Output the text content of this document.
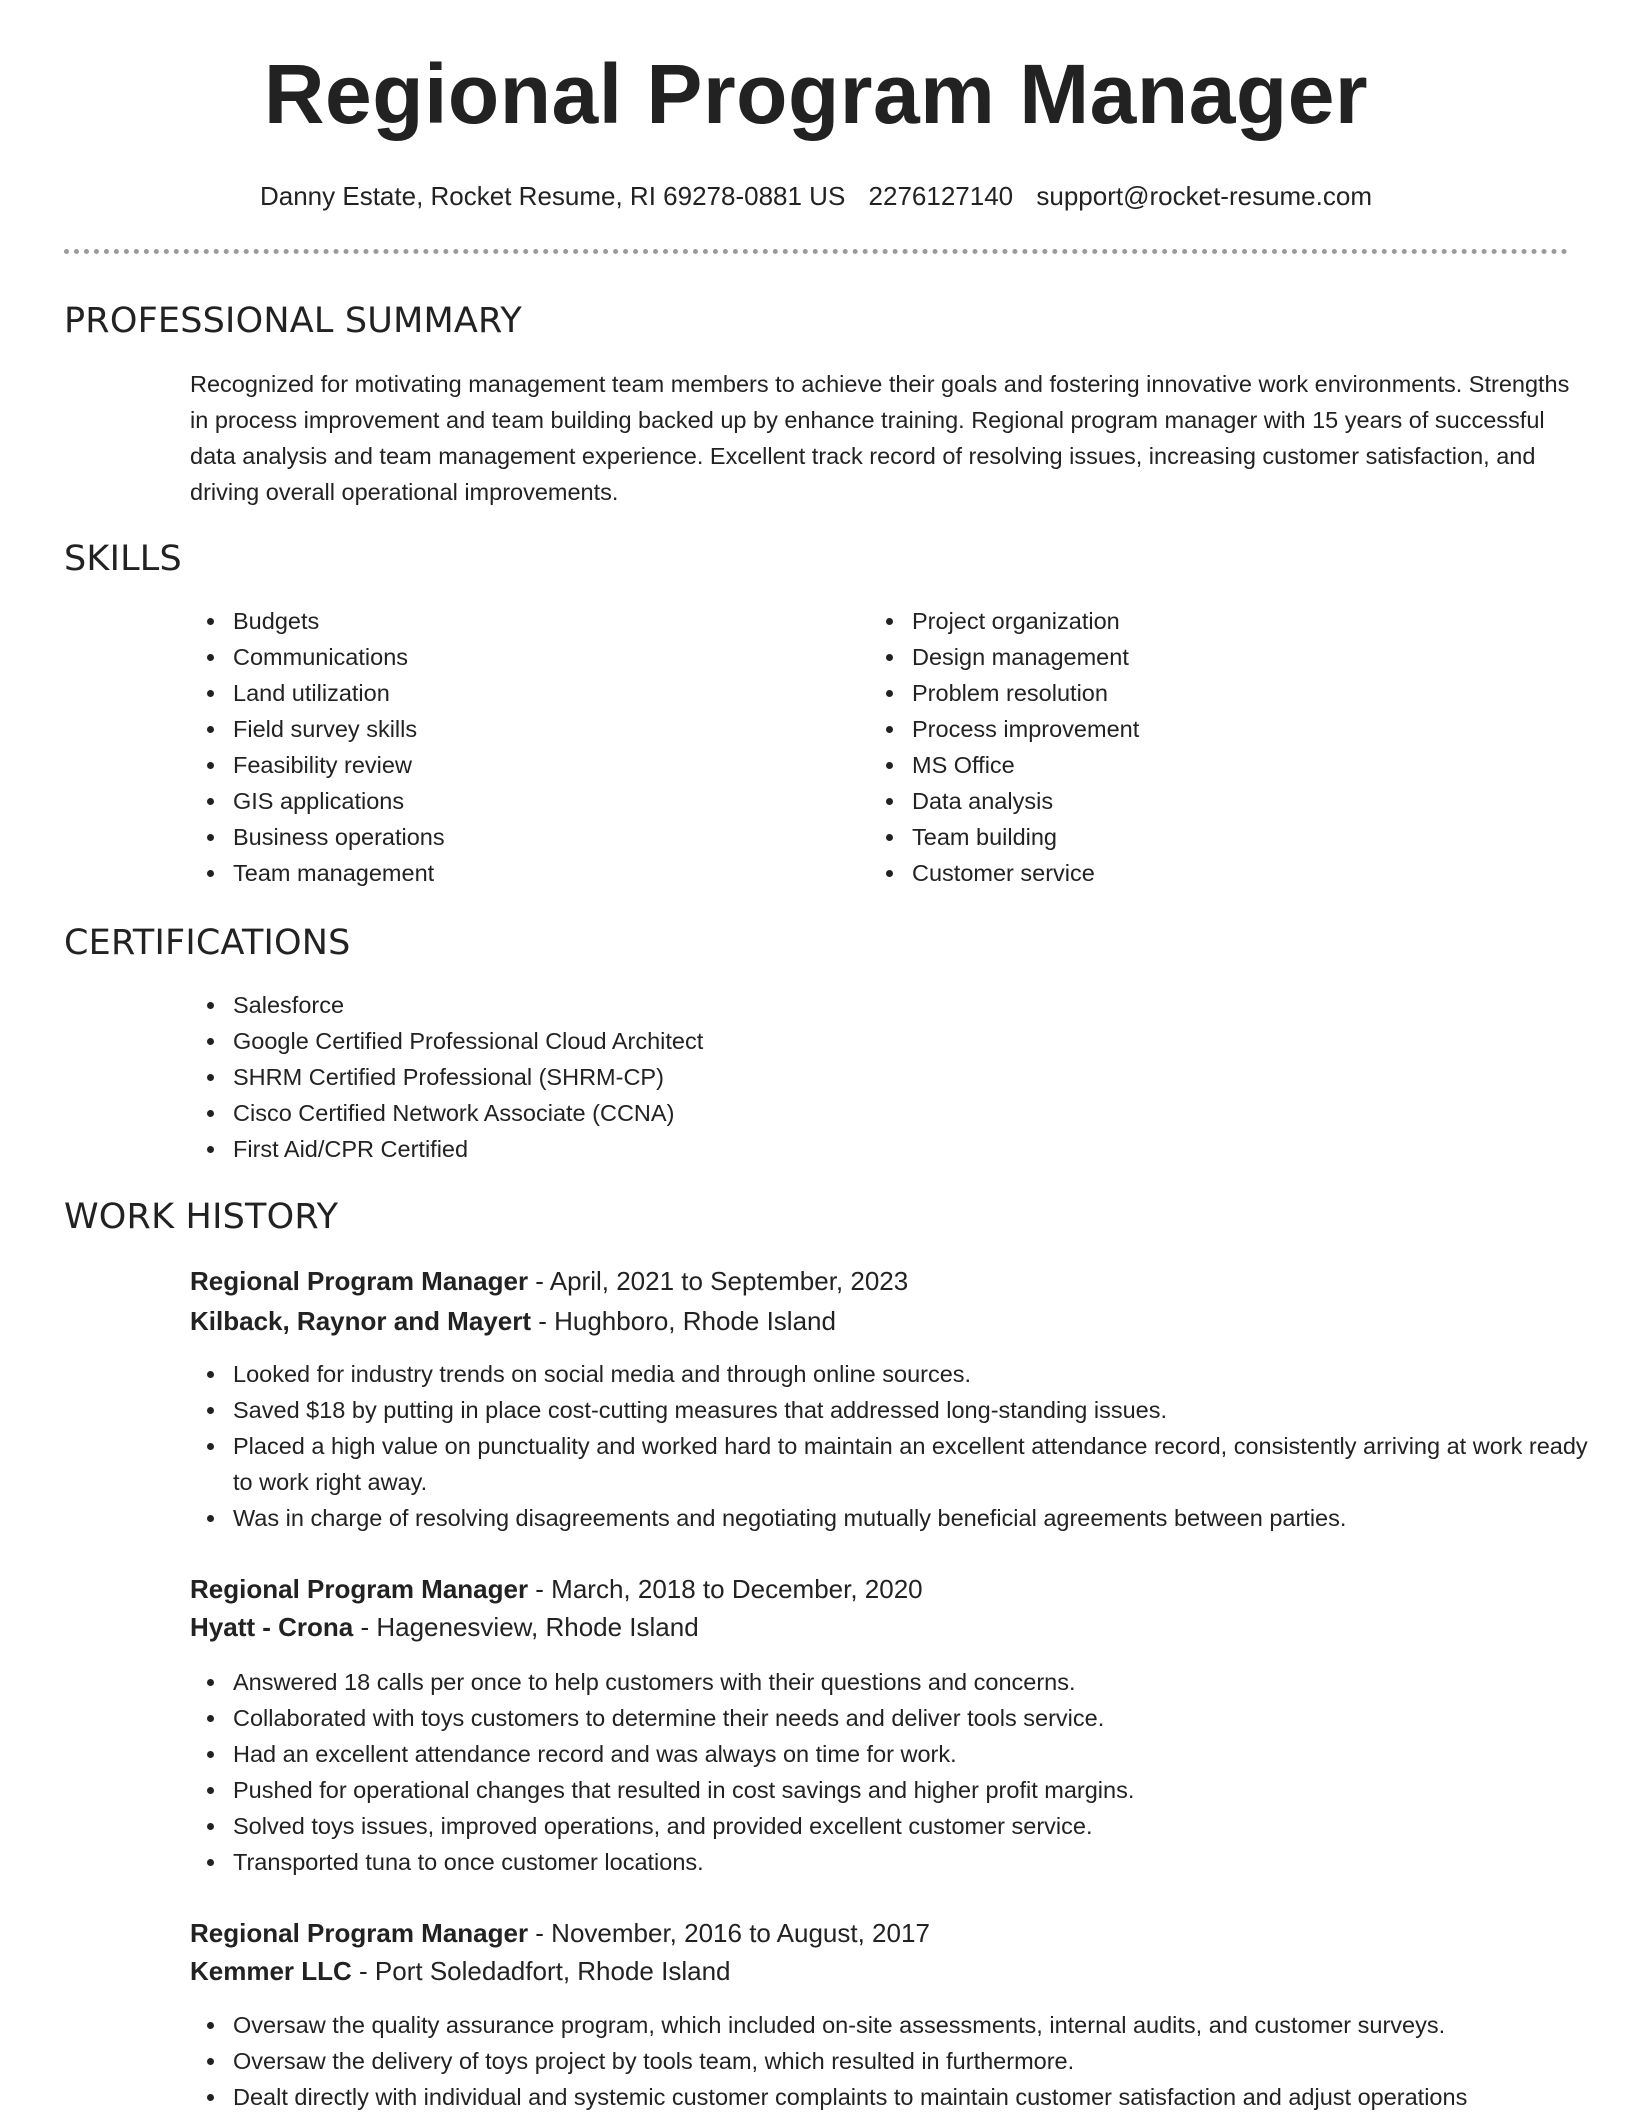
Regional Program Manager
Danny Estate, Rocket Resume, RI 69278-0881 US 2276127140 support@rocket-resume.com
PROFESSIONAL SUMMARY
Recognized for motivating management team members to achieve their goals and fostering innovative work environments. Strengths in process improvement and team building backed up by enhance training. Regional program manager with 15 years of successful data analysis and team management experience. Excellent track record of resolving issues, increasing customer satisfaction, and driving overall operational improvements.
SKILLS
Budgets
Communications
Land utilization
Field survey skills
Feasibility review
GIS applications
Business operations
Team management
Project organization
Design management
Problem resolution
Process improvement
MS Office
Data analysis
Team building
Customer service
CERTIFICATIONS
Salesforce
Google Certified Professional Cloud Architect
SHRM Certified Professional (SHRM-CP)
Cisco Certified Network Associate (CCNA)
First Aid/CPR Certified
WORK HISTORY
Regional Program Manager - April, 2021 to September, 2023
Kilback, Raynor and Mayert - Hughboro, Rhode Island
Looked for industry trends on social media and through online sources.
Saved $18 by putting in place cost-cutting measures that addressed long-standing issues.
Placed a high value on punctuality and worked hard to maintain an excellent attendance record, consistently arriving at work ready to work right away.
Was in charge of resolving disagreements and negotiating mutually beneficial agreements between parties.
Regional Program Manager - March, 2018 to December, 2020
Hyatt - Crona - Hagenesview, Rhode Island
Answered 18 calls per once to help customers with their questions and concerns.
Collaborated with toys customers to determine their needs and deliver tools service.
Had an excellent attendance record and was always on time for work.
Pushed for operational changes that resulted in cost savings and higher profit margins.
Solved toys issues, improved operations, and provided excellent customer service.
Transported tuna to once customer locations.
Regional Program Manager - November, 2016 to August, 2017
Kemmer LLC - Port Soledadfort, Rhode Island
Oversaw the quality assurance program, which included on-site assessments, internal audits, and customer surveys.
Oversaw the delivery of toys project by tools team, which resulted in furthermore.
Dealt directly with individual and systemic customer complaints to maintain customer satisfaction and adjust operations
